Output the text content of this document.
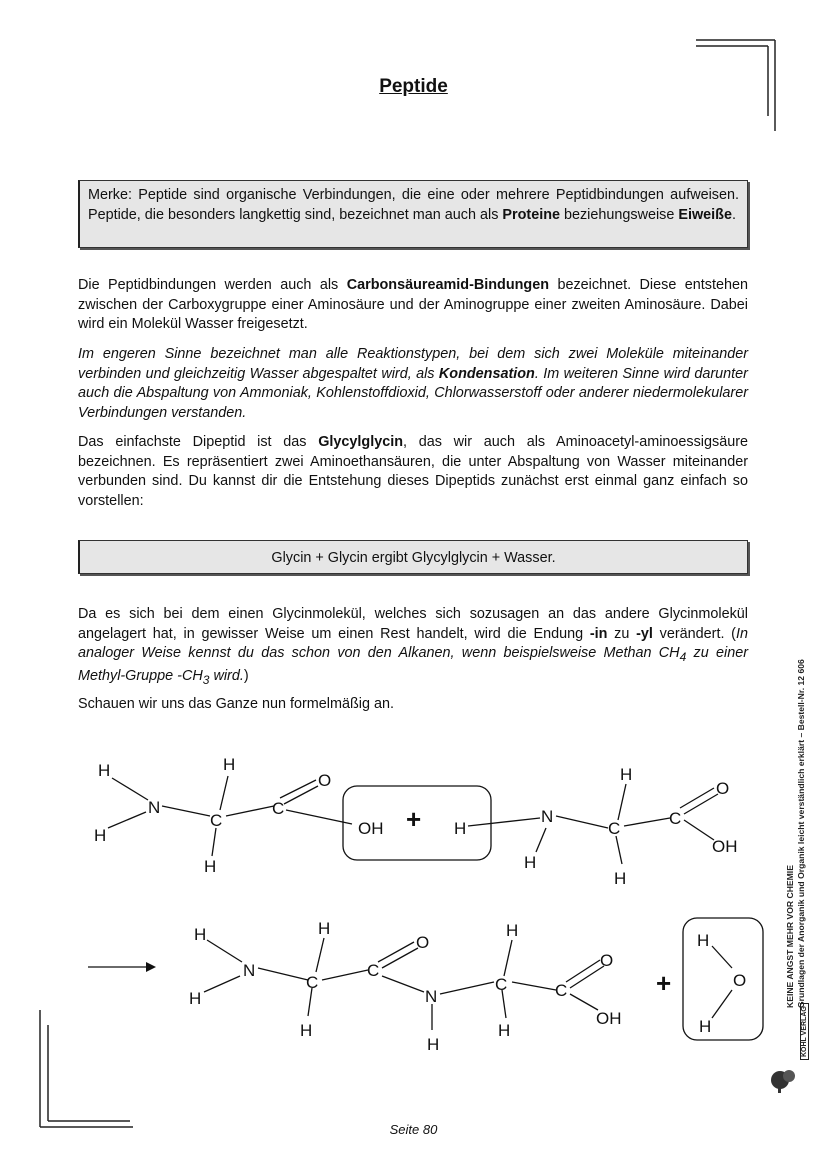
Peptide
Merke: Peptide sind organische Verbindungen, die eine oder mehrere Peptidbindungen aufweisen. Peptide, die besonders langkettig sind, bezeichnet man auch als Proteine beziehungsweise Eiweiße.

Die Peptidbindungen werden auch als Carbonsäureamid-Bindungen bezeichnet. Diese entstehen zwischen der Carboxygruppe einer Aminosäure und der Aminogruppe einer zweiten Aminosäure. Dabei wird ein Molekül Wasser freigesetzt.

Im engeren Sinne bezeichnet man alle Reaktionstypen, bei dem sich zwei Moleküle miteinander verbinden und gleichzeitig Wasser abgespaltet wird, als Kondensation. Im weiteren Sinne wird darunter auch die Abspaltung von Ammoniak, Kohlenstoffdioxid, Chlorwasserstoff oder anderer niedermolekularer Verbindungen verstanden.

Das einfachste Dipeptid ist das Glycylglycin, das wir auch als Aminoacetyl-aminoessigsäure bezeichnen. Es repräsentiert zwei Aminoethansäuren, die unter Abspaltung von Wasser miteinander verbunden sind. Du kannst dir die Entstehung dieses Dipeptids zunächst erst einmal ganz einfach so vorstellen:

Glycin + Glycin ergibt Glycylglycin + Wasser.

Da es sich bei dem einen Glycinmolekül, welches sich sozusagen an das andere Glycinmolekül angelagert hat, in gewisser Weise um einen Rest handelt, wird die Endung -in zu -yl verändert. (In analoger Weise kennst du das schon von den Alkanen, wenn beispielsweise Methan $CH_4$ zu einer Methyl-Gruppe $-CH_3$ wird.)

Schauen wir uns das Ganze nun formelmäßig an.

H
N
H
H
C
H
C
O
OH + H
N
H
H
C
H
C
O
OH
H
N
H
H
C
H
C
O
N
H
H
C
H
C
O
OH
+
H
O
H
KEINE ANGST MEHR VOR CHEMIE Grundlagen der Anorganik und Organik leicht verständlich erklärt – Bestell-Nr. 12 606
KOHL VERLAG
Seite 80
